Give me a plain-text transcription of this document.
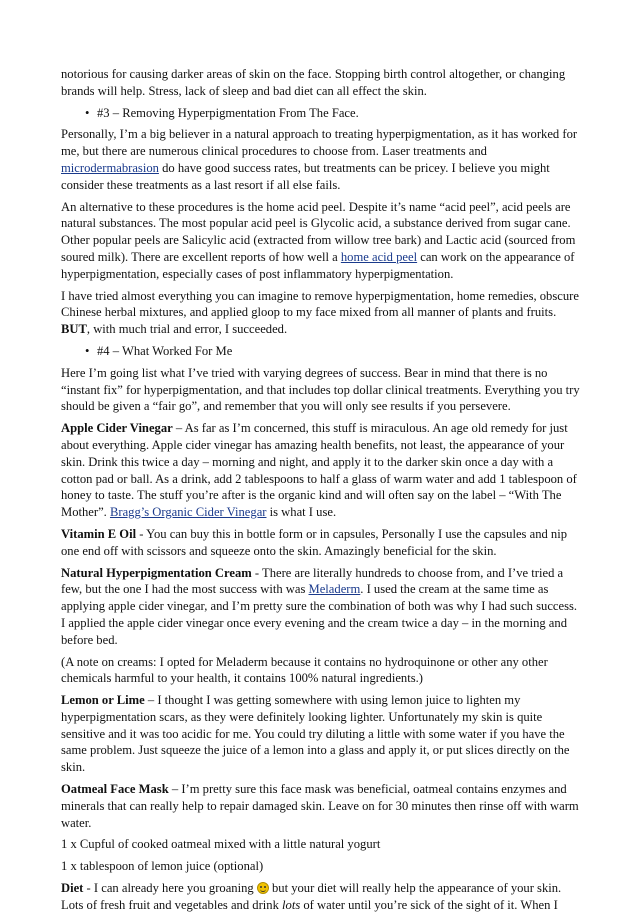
notorious for causing darker areas of skin on the face. Stopping birth control altogether, or changing brands will help. Stress, lack of sleep and bad diet can all effect the skin.

• #3 – Removing Hyperpigmentation From The Face.

Personally, I’m a big believer in a natural approach to treating hyperpigmentation, as it has worked for me, but there are numerous clinical procedures to choose from. Laser treatments and microdermabrasion do have good success rates, but treatments can be pricey. I believe you might consider these treatments as a last resort if all else fails.

An alternative to these procedures is the home acid peel. Despite it’s name “acid peel”, acid peels are natural substances. The most popular acid peel is Glycolic acid, a substance derived from sugar cane. Other popular peels are Salicylic acid (extracted from willow tree bark) and Lactic acid (sourced from soured milk). There are excellent reports of how well a home acid peel can work on the appearance of hyperpigmentation, especially cases of post inflammatory hyperpigmentation.

I have tried almost everything you can imagine to remove hyperpigmentation, home remedies, obscure Chinese herbal mixtures, and applied gloop to my face mixed from all manner of plants and fruits. BUT, with much trial and error, I succeeded.

• #4 – What Worked For Me

Here I’m going list what I’ve tried with varying degrees of success. Bear in mind that there is no “instant fix” for hyperpigmentation, and that includes top dollar clinical treatments. Everything you try should be given a “fair go”, and remember that you will only see results if you persevere.

Apple Cider Vinegar – As far as I’m concerned, this stuff is miraculous. An age old remedy for just about everything. Apple cider vinegar has amazing health benefits, not least, the appearance of your skin. Drink this twice a day – morning and night, and apply it to the darker skin once a day with a cotton pad or ball. As a drink, add 2 tablespoons to half a glass of warm water and add 1 tablespoon of honey to taste. The stuff you’re after is the organic kind and will often say on the label – “With The Mother”. Bragg’s Organic Cider Vinegar is what I use.

Vitamin E Oil - You can buy this in bottle form or in capsules, Personally I use the capsules and nip one end off with scissors and squeeze onto the skin. Amazingly beneficial for the skin.

Natural Hyperpigmentation Cream - There are literally hundreds to choose from, and I’ve tried a few, but the one I had the most success with was Meladerm. I used the cream at the same time as applying apple cider vinegar, and I’m pretty sure the combination of both was why I had such success. I applied the apple cider vinegar once every evening and the cream twice a day – in the morning and before bed.

(A note on creams: I opted for Meladerm because it contains no hydroquinone or other any other chemicals harmful to your health, it contains 100% natural ingredients.)

Lemon or Lime – I thought I was getting somewhere with using lemon juice to lighten my hyperpigmentation scars, as they were definitely looking lighter. Unfortunately my skin is quite sensitive and it was too acidic for me. You could try diluting a little with some water if you have the same problem. Just squeeze the juice of a lemon into a glass and apply it, or put slices directly on the skin.

Oatmeal Face Mask – I’m pretty sure this face mask was beneficial, oatmeal contains enzymes and minerals that can really help to repair damaged skin. Leave on for 30 minutes then rinse off with warm water.

1 x Cupful of cooked oatmeal mixed with a little natural yogurt

1 x tablespoon of lemon juice (optional)

Diet - I can already here you groaning  but your diet will really help the appearance of your skin. Lots of fresh fruit and vegetables and drink lots of water until you’re sick of the sight of it. When I
